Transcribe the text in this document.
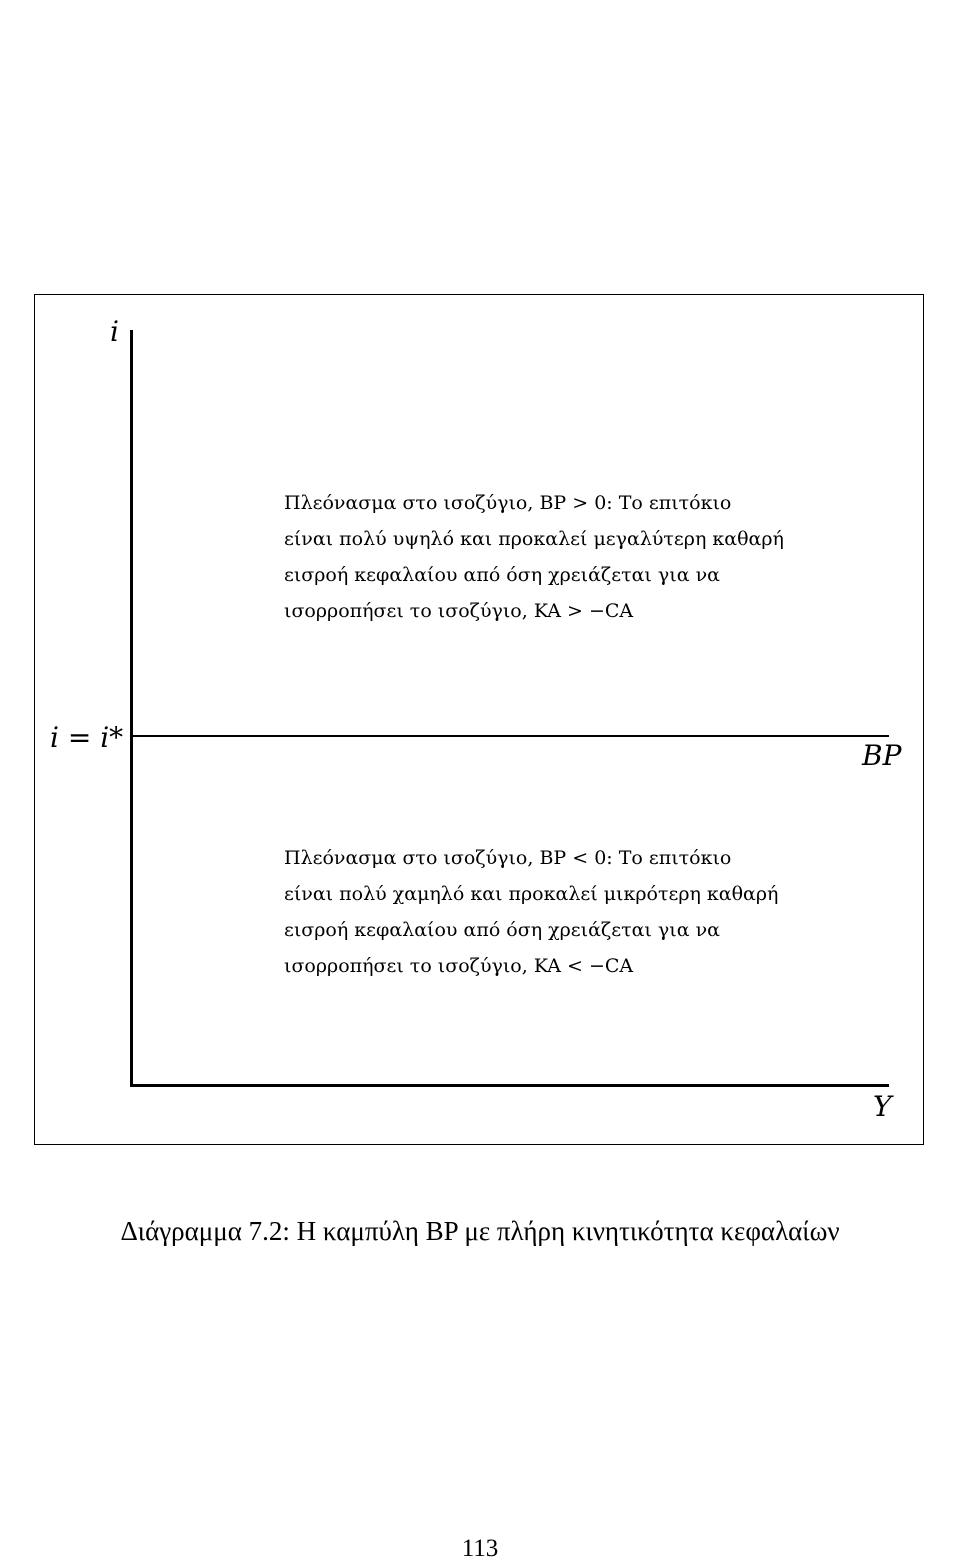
i
i = i*
BP
Y
Πλεόνασμα στο ισοζύγιο, BP > 0: Το επιτόκιο
είναι πολύ υψηλό και προκαλεί μεγαλύτερη καθαρή
εισροή κεφαλαίου από όση χρειάζεται για να
ισορροπήσει το ισοζύγιο, KA > −CA
Πλεόνασμα στο ισοζύγιο, BP < 0: Το επιτόκιο
είναι πολύ χαμηλό και προκαλεί μικρότερη καθαρή
εισροή κεφαλαίου από όση χρειάζεται για να
ισορροπήσει το ισοζύγιο, KA < −CA
Διάγραμμα 7.2: Η καμπύλη BP με πλήρη κινητικότητα κεφαλαίων
113
